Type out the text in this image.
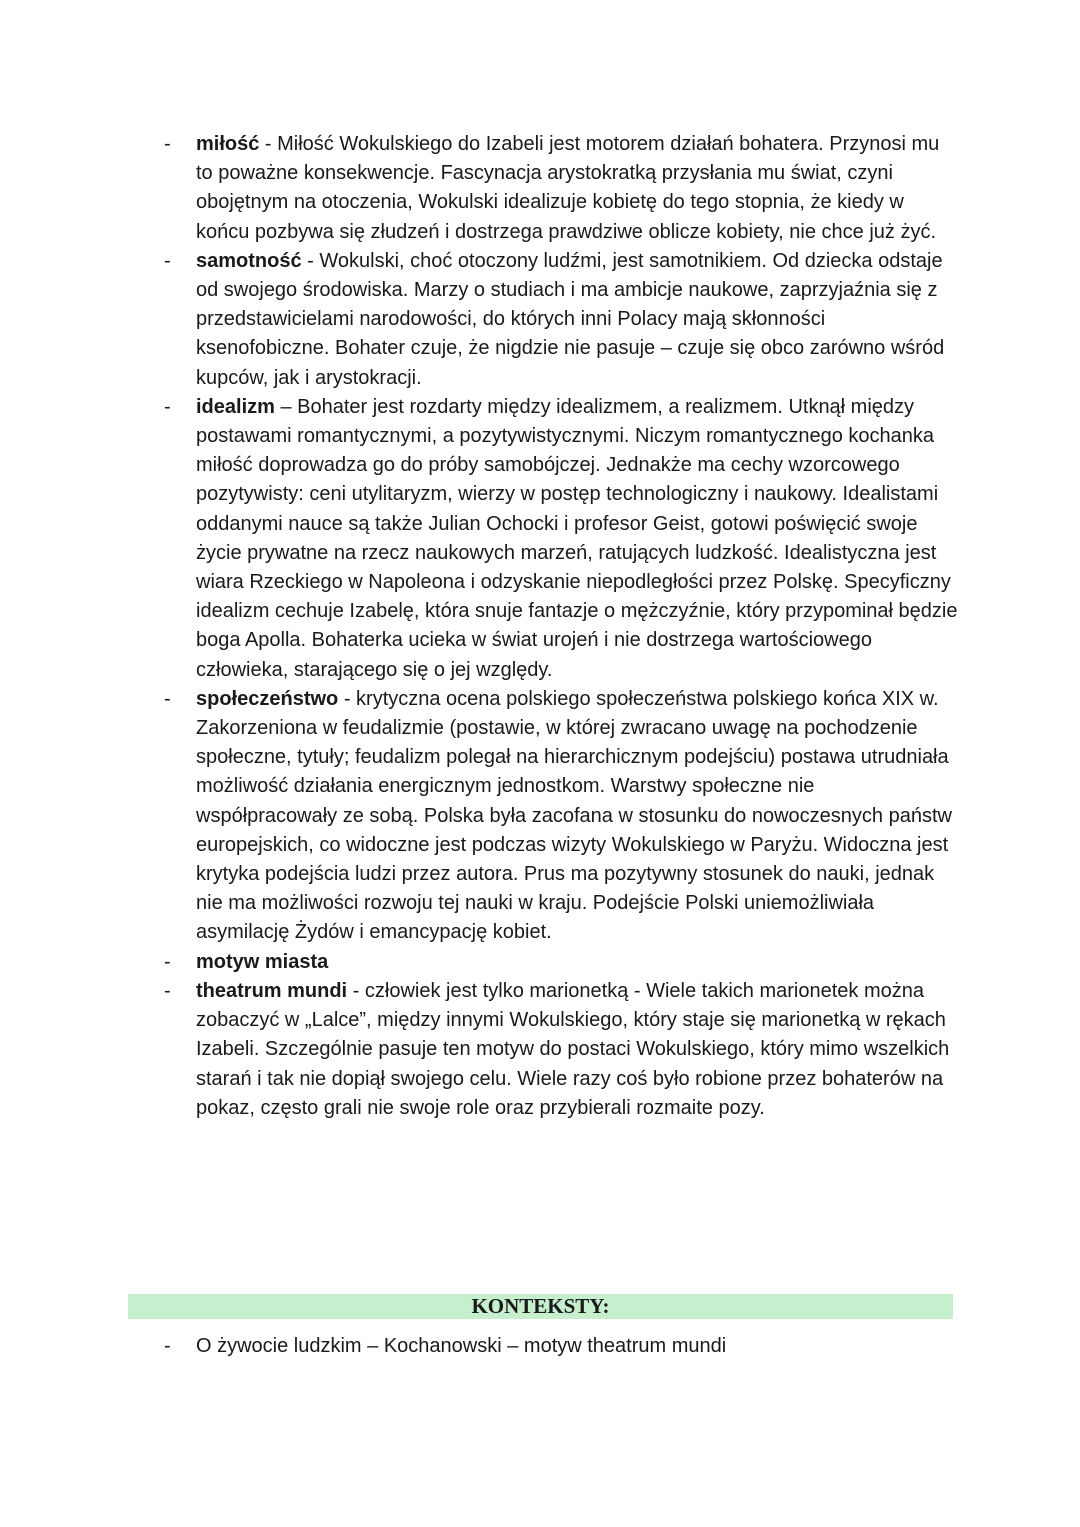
- miłość - Miłość Wokulskiego do Izabeli jest motorem działań bohatera. Przynosi mu to poważne konsekwencje. Fascynacja arystokratką przysłania mu świat, czyni obojętnym na otoczenia, Wokulski idealizuje kobietę do tego stopnia, że kiedy w końcu pozbywa się złudzeń i dostrzega prawdziwe oblicze kobiety, nie chce już żyć.
- samotność - Wokulski, choć otoczony ludźmi, jest samotnikiem. Od dziecka odstaje od swojego środowiska. Marzy o studiach i ma ambicje naukowe, zaprzyjaźnia się z przedstawicielami narodowości, do których inni Polacy mają skłonności ksenofobiczne. Bohater czuje, że nigdzie nie pasuje – czuje się obco zarówno wśród kupców, jak i arystokracji.
- idealizm – Bohater jest rozdarty między idealizmem, a realizmem. Utknął między postawami romantycznymi, a pozytywistycznymi. Niczym romantycznego kochanka miłość doprowadza go do próby samobójczej. Jednakże ma cechy wzorcowego pozytywisty: ceni utylitaryzm, wierzy w postęp technologiczny i naukowy. Idealistami oddanymi nauce są także Julian Ochocki i profesor Geist, gotowi poświęcić swoje życie prywatne na rzecz naukowych marzeń, ratujących ludzkość. Idealistyczna jest wiara Rzeckiego w Napoleona i odzyskanie niepodległości przez Polskę. Specyficzny idealizm cechuje Izabelę, która snuje fantazje o mężczyźnie, który przypominał będzie boga Apolla. Bohaterka ucieka w świat urojeń i nie dostrzega wartościowego człowieka, starającego się o jej względy.
- społeczeństwo - krytyczna ocena polskiego społeczeństwa polskiego końca XIX w. Zakorzeniona w feudalizmie (postawie, w której zwracano uwagę na pochodzenie społeczne, tytuły; feudalizm polegał na hierarchicznym podejściu) postawa utrudniała możliwość działania energicznym jednostkom. Warstwy społeczne nie współpracowały ze sobą. Polska była zacofana w stosunku do nowoczesnych państw europejskich, co widoczne jest podczas wizyty Wokulskiego w Paryżu. Widoczna jest krytyka podejścia ludzi przez autora. Prus ma pozytywny stosunek do nauki, jednak nie ma możliwości rozwoju tej nauki w kraju. Podejście Polski uniemożliwiała asymilację Żydów i emancypację kobiet.
- motyw miasta
- theatrum mundi - człowiek jest tylko marionetką - Wiele takich marionetek można zobaczyć w „Lalce”, między innymi Wokulskiego, który staje się marionetką w rękach Izabeli. Szczególnie pasuje ten motyw do postaci Wokulskiego, który mimo wszelkich starań i tak nie dopiął swojego celu. Wiele razy coś było robione przez bohaterów na pokaz, często grali nie swoje role oraz przybierali rozmaite pozy.
KONTEKSTY:
- O żywocie ludzkim – Kochanowski – motyw theatrum mundi
